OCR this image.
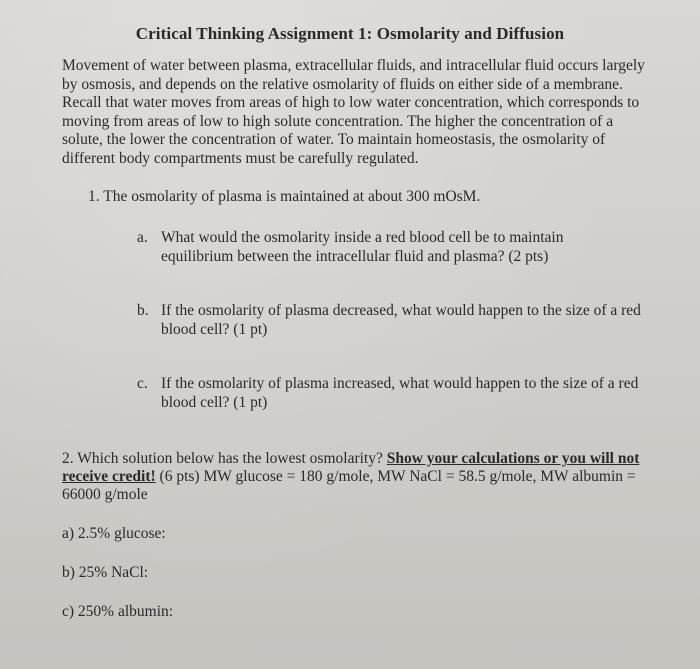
Critical Thinking Assignment 1: Osmolarity and Diffusion

Movement of water between plasma, extracellular fluids, and intracellular fluid occurs largely by osmosis, and depends on the relative osmolarity of fluids on either side of a membrane. Recall that water moves from areas of high to low water concentration, which corresponds to moving from areas of low to high solute concentration. The higher the concentration of a solute, the lower the concentration of water. To maintain homeostasis, the osmolarity of different body compartments must be carefully regulated.

1. The osmolarity of plasma is maintained at about 300 mOsM.
a. What would the osmolarity inside a red blood cell be to maintain equilibrium between the intracellular fluid and plasma? (2 pts)

b. If the osmolarity of plasma decreased, what would happen to the size of a red blood cell? (1 pt)

c. If the osmolarity of plasma increased, what would happen to the size of a red blood cell? (1 pt)

2. Which solution below has the lowest osmolarity? Show your calculations or you will not receive credit! (6 pts) MW glucose = 180 g/mole, MW NaCl = 58.5 g/mole, MW albumin = 66000 g/mole

a) 2.5% glucose:
b) 25% NaCl:
c) 250% albumin:
